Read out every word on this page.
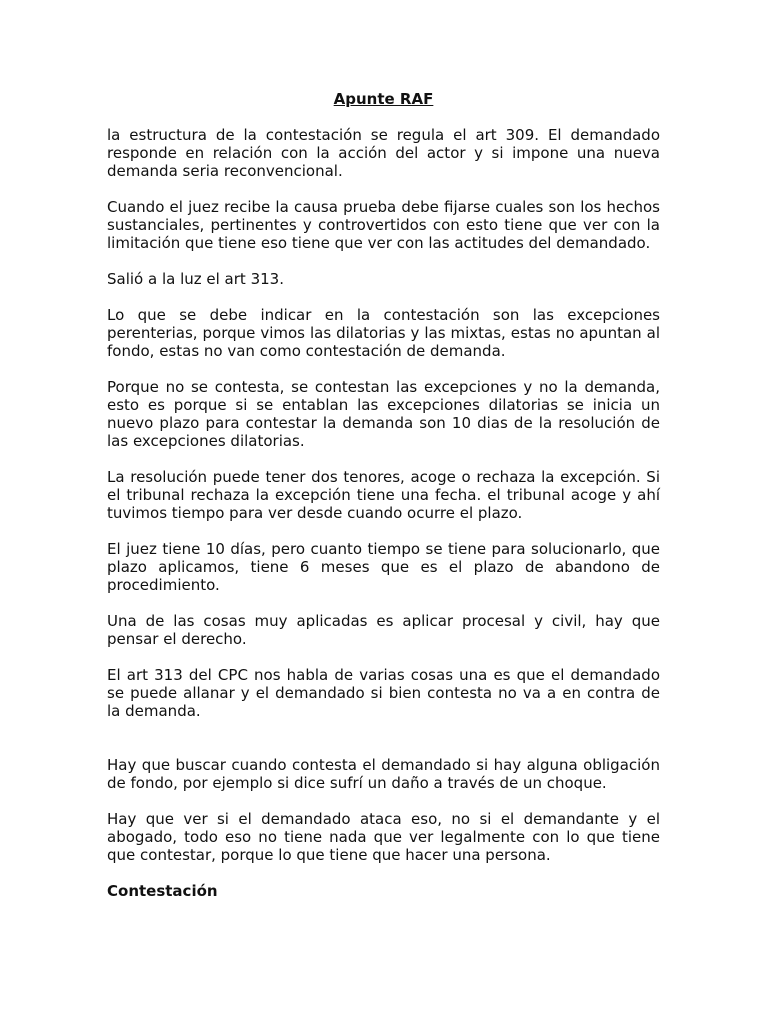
Apunte RAF

la estructura de la contestación se regula el art 309. El demandado responde en relación con la acción del actor y si impone una nueva demanda seria reconvencional.

Cuando el juez recibe la causa prueba debe fijarse cuales son los hechos sustanciales, pertinentes y controvertidos con esto tiene que ver con la limitación que tiene eso tiene que ver con las actitudes del demandado.

Salió a la luz el art 313.

Lo que se debe indicar en la contestación son las excepciones perenterias, porque vimos las dilatorias y las mixtas, estas no apuntan al fondo, estas no van como contestación de demanda.

Porque no se contesta, se contestan las excepciones y no la demanda, esto es porque si se entablan las excepciones dilatorias se inicia un nuevo plazo para contestar la demanda son 10 dias de la resolución de las excepciones dilatorias.

La resolución puede tener dos tenores, acoge o rechaza la excepción. Si el tribunal rechaza la excepción tiene una fecha. el tribunal acoge y ahí tuvimos tiempo para ver desde cuando ocurre el plazo.

El juez tiene 10 días, pero cuanto tiempo se tiene para solucionarlo, que plazo aplicamos, tiene 6 meses que es el plazo de abandono de procedimiento.

Una de las cosas muy aplicadas es aplicar procesal y civil, hay que pensar el derecho.

El art 313 del CPC nos habla de varias cosas una es que el demandado se puede allanar y el demandado si bien contesta no va a en contra de la demanda.

Hay que buscar cuando contesta el demandado si hay alguna obligación de fondo, por ejemplo si dice sufrí un daño a través de un choque.

Hay que ver si el demandado ataca eso, no si el demandante y el abogado, todo eso no tiene nada que ver legalmente con lo que tiene que contestar, porque lo que tiene que hacer una persona.

Contestación
